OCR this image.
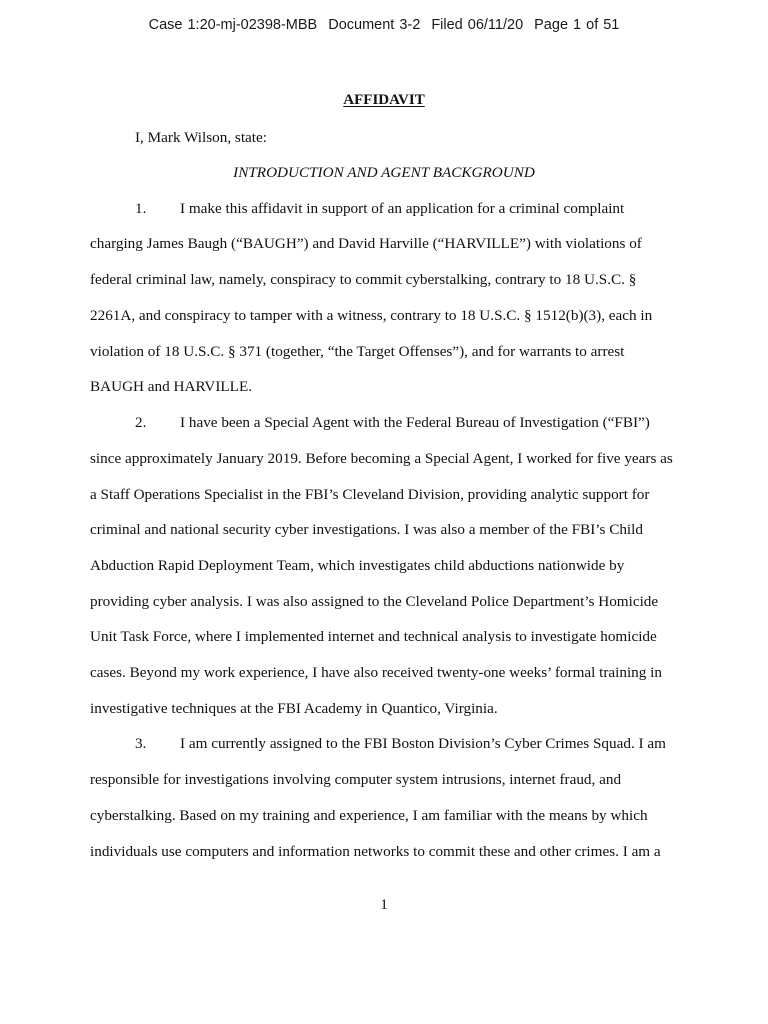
Case 1:20-mj-02398-MBB Document 3-2 Filed 06/11/20 Page 1 of 51
AFFIDAVIT
I, Mark Wilson, state:
INTRODUCTION AND AGENT BACKGROUND
1. I make this affidavit in support of an application for a criminal complaint
charging James Baugh (“BAUGH”) and David Harville (“HARVILLE”) with violations of
federal criminal law, namely, conspiracy to commit cyberstalking, contrary to 18 U.S.C. §
2261A, and conspiracy to tamper with a witness, contrary to 18 U.S.C. § 1512(b)(3), each in
violation of 18 U.S.C. § 371 (together, “the Target Offenses”), and for warrants to arrest
BAUGH and HARVILLE.
2. I have been a Special Agent with the Federal Bureau of Investigation (“FBI”)
since approximately January 2019. Before becoming a Special Agent, I worked for five years as
a Staff Operations Specialist in the FBI’s Cleveland Division, providing analytic support for
criminal and national security cyber investigations. I was also a member of the FBI’s Child
Abduction Rapid Deployment Team, which investigates child abductions nationwide by
providing cyber analysis. I was also assigned to the Cleveland Police Department’s Homicide
Unit Task Force, where I implemented internet and technical analysis to investigate homicide
cases. Beyond my work experience, I have also received twenty-one weeks’ formal training in
investigative techniques at the FBI Academy in Quantico, Virginia.
3. I am currently assigned to the FBI Boston Division’s Cyber Crimes Squad. I am
responsible for investigations involving computer system intrusions, internet fraud, and
cyberstalking. Based on my training and experience, I am familiar with the means by which
individuals use computers and information networks to commit these and other crimes. I am a
1
